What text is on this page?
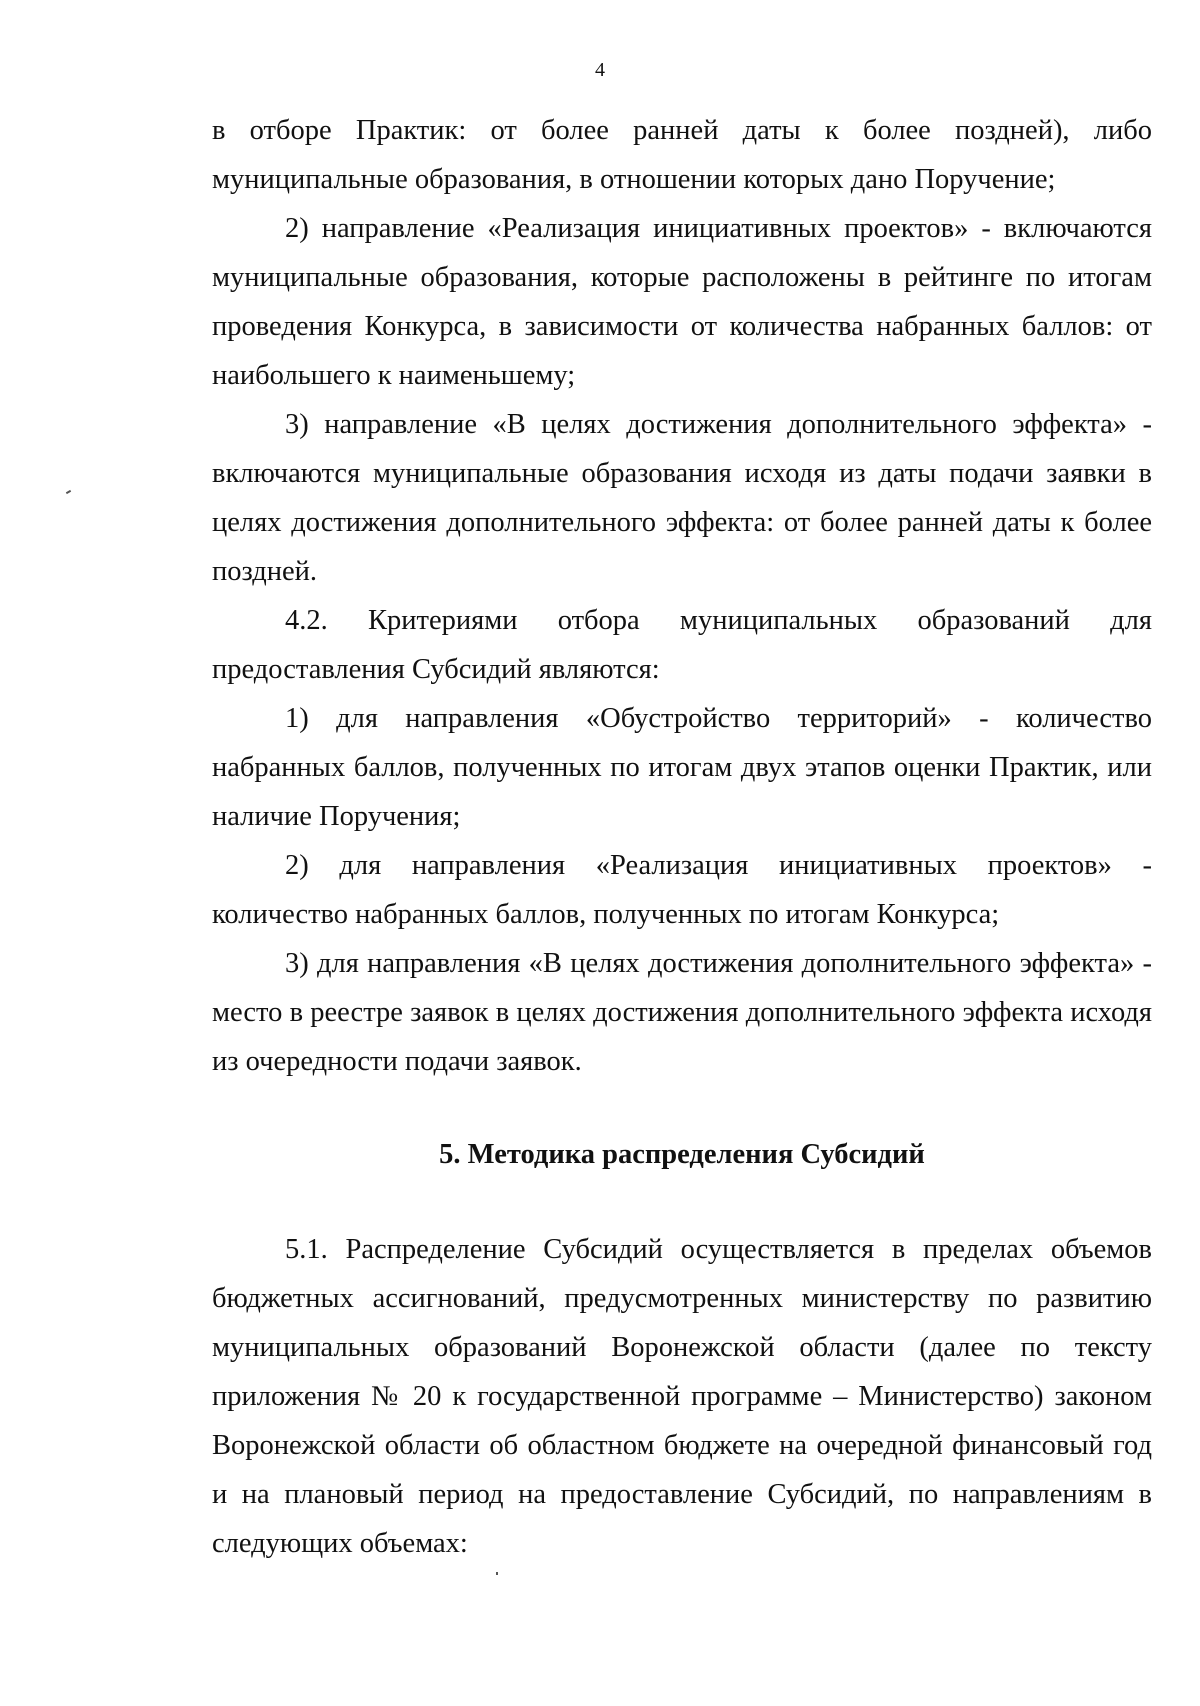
4

в отборе Практик: от более ранней даты к более поздней), либо муниципальные образования, в отношении которых дано Поручение;

2) направление «Реализация инициативных проектов» - включаются муниципальные образования, которые расположены в рейтинге по итогам проведения Конкурса, в зависимости от количества набранных баллов: от наибольшего к наименьшему;

3) направление «В целях достижения дополнительного эффекта» - включаются муниципальные образования исходя из даты подачи заявки в целях достижения дополнительного эффекта: от более ранней даты к более поздней.

4.2. Критериями отбора муниципальных образований для предоставления Субсидий являются:

1) для направления «Обустройство территорий» - количество набранных баллов, полученных по итогам двух этапов оценки Практик, или наличие Поручения;

2) для направления «Реализация инициативных проектов» - количество набранных баллов, полученных по итогам Конкурса;

3) для направления «В целях достижения дополнительного эффекта» - место в реестре заявок в целях достижения дополнительного эффекта исходя из очередности подачи заявок.

5. Методика распределения Субсидий

5.1. Распределение Субсидий осуществляется в пределах объемов бюджетных ассигнований, предусмотренных министерству по развитию муниципальных образований Воронежской области (далее по тексту приложения № 20 к государственной программе – Министерство) законом Воронежской области об областном бюджете на очередной финансовый год и на плановый период на предоставление Субсидий, по направлениям в следующих объемах:
